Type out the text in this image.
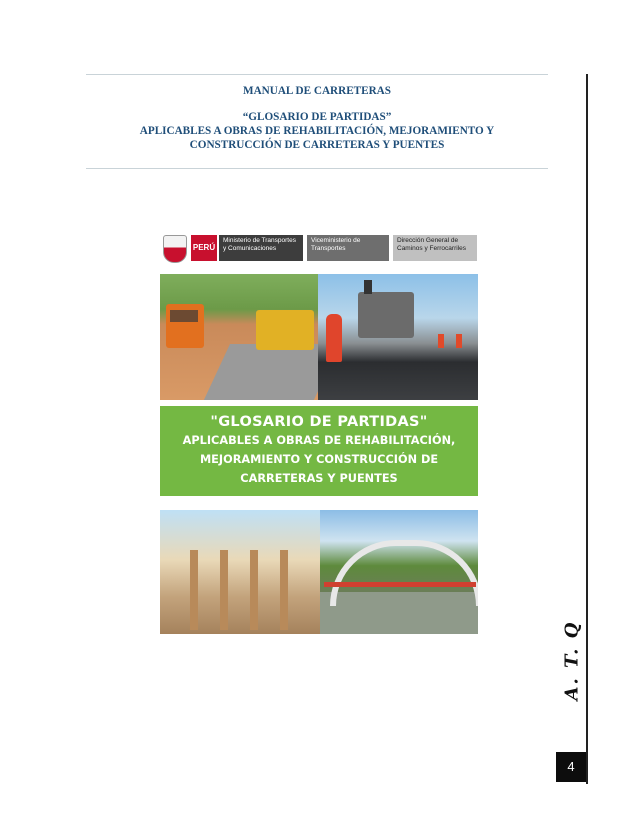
MANUAL DE CARRETERAS
“GLOSARIO DE PARTIDAS”
APLICABLES A OBRAS DE REHABILITACIÓN, MEJORAMIENTO Y
CONSTRUCCIÓN DE CARRETERAS Y PUENTES
PERÚ
Ministerio de Transportes y Comunicaciones
Viceministerio de Transportes
Dirección General de Caminos y Ferrocarriles
"GLOSARIO DE PARTIDAS"
APLICABLES A OBRAS DE REHABILITACIÓN,
MEJORAMIENTO Y CONSTRUCCIÓN DE
CARRETERAS Y PUENTES
A. T. Q
4
